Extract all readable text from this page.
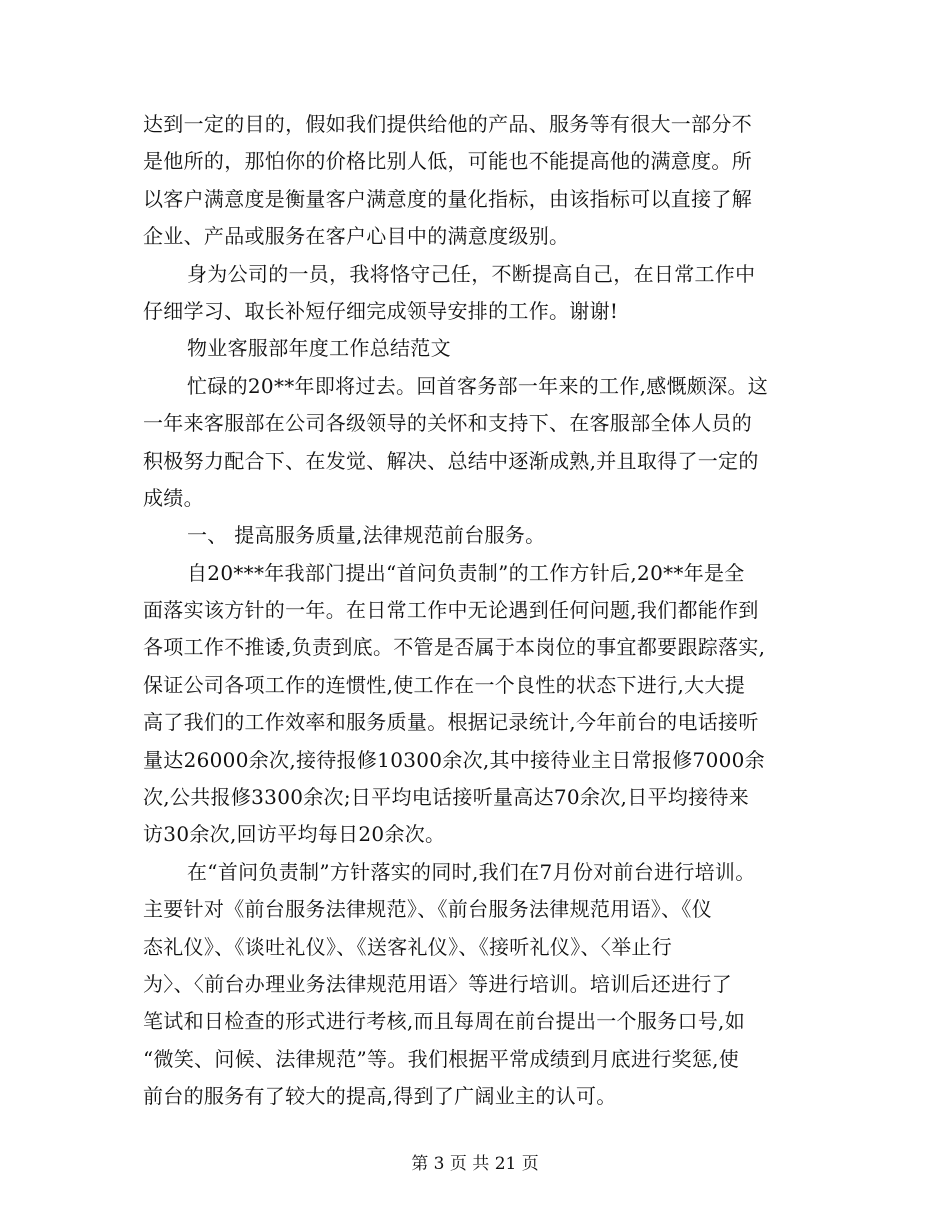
达到一定的目的，假如我们提供给他的产品、服务等有很大一部分不
是他所的，那怕你的价格比别人低，可能也不能提高他的满意度。所
以客户满意度是衡量客户满意度的量化指标，由该指标可以直接了解
企业、产品或服务在客户心目中的满意度级别。
身为公司的一员，我将恪守己任，不断提高自己，在日常工作中
仔细学习、取长补短仔细完成领导安排的工作。谢谢!
物业客服部年度工作总结范文
忙碌的20**年即将过去。回首客务部一年来的工作,感慨颇深。这
一年来客服部在公司各级领导的关怀和支持下、在客服部全体人员的
积极努力配合下、在发觉、解决、总结中逐渐成熟,并且取得了一定的
成绩。
一、 提高服务质量,法律规范前台服务。
自20***年我部门提出“首问负责制”的工作方针后,20**年是全
面落实该方针的一年。在日常工作中无论遇到任何问题,我们都能作到
各项工作不推诿,负责到底。不管是否属于本岗位的事宜都要跟踪落实,
保证公司各项工作的连惯性,使工作在一个良性的状态下进行,大大提
高了我们的工作效率和服务质量。根据记录统计,今年前台的电话接听
量达26000余次,接待报修10300余次,其中接待业主日常报修7000余
次,公共报修3300余次;日平均电话接听量高达70余次,日平均接待来
访30余次,回访平均每日20余次。
在“首问负责制”方针落实的同时,我们在7月份对前台进行培训。
主要针对《前台服务法律规范》、《前台服务法律规范用语》、《仪
态礼仪》、《谈吐礼仪》、《送客礼仪》、《接听礼仪》、〈举止行
为〉、〈前台办理业务法律规范用语〉等进行培训。培训后还进行了
笔试和日检查的形式进行考核,而且每周在前台提出一个服务口号,如
“微笑、问候、法律规范”等。我们根据平常成绩到月底进行奖惩,使
前台的服务有了较大的提高,得到了广阔业主的认可。
第 3 页 共 21 页
